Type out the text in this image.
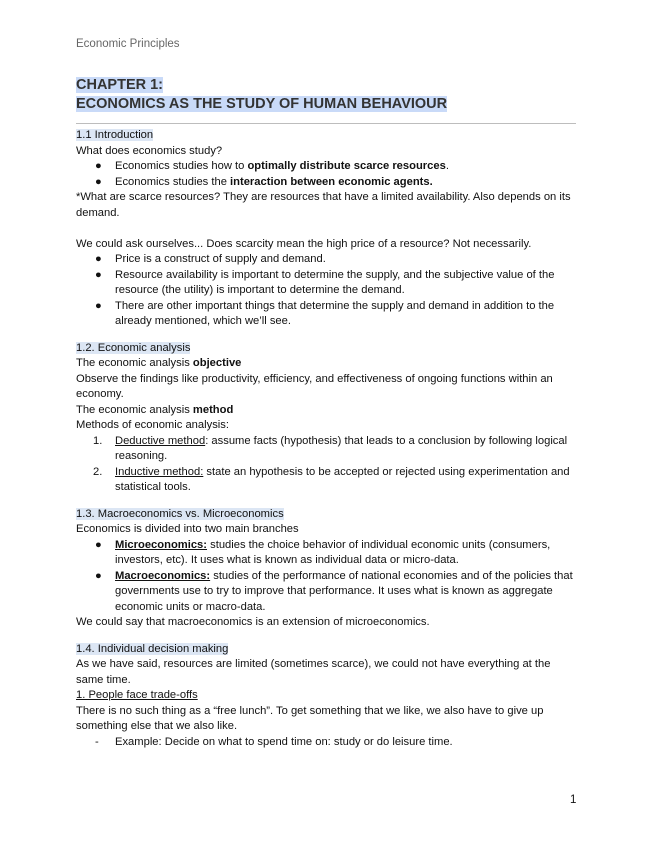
Economic Principles
CHAPTER 1:
ECONOMICS AS THE STUDY OF HUMAN BEHAVIOUR

1.1 Introduction

What does economics study?

● Economics studies how to optimally distribute scarce resources.
● Economics studies the interaction between economic agents.

*What are scarce resources? They are resources that have a limited availability. Also depends on its demand.

We could ask ourselves... Does scarcity mean the high price of a resource? Not necessarily.

● Price is a construct of supply and demand.
● Resource availability is important to determine the supply, and the subjective value of the resource (the utility) is important to determine the demand.
● There are other important things that determine the supply and demand in addition to the already mentioned, which we’ll see.

1.2. Economic analysis

The economic analysis objective

Observe the findings like productivity, efficiency, and effectiveness of ongoing functions within an economy.

The economic analysis method

Methods of economic analysis:

1. Deductive method: assume facts (hypothesis) that leads to a conclusion by following logical reasoning.
2. Inductive method: state an hypothesis to be accepted or rejected using experimentation and statistical tools.

1.3. Macroeconomics vs. Microeconomics

Economics is divided into two main branches

● Microeconomics: studies the choice behavior of individual economic units (consumers, investors, etc). It uses what is known as individual data or micro-data.
● Macroeconomics: studies of the performance of national economies and of the policies that governments use to try to improve that performance. It uses what is known as aggregate economic units or macro-data.

We could say that macroeconomics is an extension of microeconomics.

1.4. Individual decision making

As we have said, resources are limited (sometimes scarce), we could not have everything at the same time.

1. People face trade-offs

There is no such thing as a “free lunch”. To get something that we like, we also have to give up something else that we also like.

- Example: Decide on what to spend time on: study or do leisure time.
1
